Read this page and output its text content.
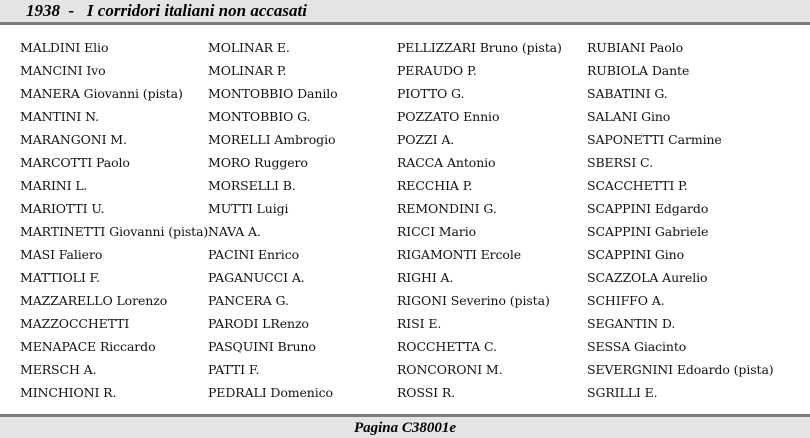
1938  -   I corridori italiani non accasati
MALDINI Elio
MANCINI Ivo
MANERA Giovanni (pista)
MANTINI N.
MARANGONI M.
MARCOTTI Paolo
MARINI L.
MARIOTTI U.
MARTINETTI Giovanni (pista)
MASI Faliero
MATTIOLI F.
MAZZARELLO Lorenzo
MAZZOCCHETTI
MENAPACE Riccardo
MERSCH A.
MINCHIONI R.
MOLINAR E.
MOLINAR P.
MONTOBBIO Danilo
MONTOBBIO G.
MORELLI Ambrogio
MORO Ruggero
MORSELLI B.
MUTTI Luigi
NAVA A.
PACINI Enrico
PAGANUCCI A.
PANCERA G.
PARODI LRenzo
PASQUINI Bruno
PATTI F.
PEDRALI Domenico
PELLIZZARI Bruno (pista)
PERAUDO P.
PIOTTO G.
POZZATO Ennio
POZZI A.
RACCA Antonio
RECCHIA P.
REMONDINI G.
RICCI Mario
RIGAMONTI Ercole
RIGHI A.
RIGONI Severino (pista)
RISI E.
ROCCHETTA C.
RONCORONI M.
ROSSI R.
RUBIANI Paolo
RUBIOLA Dante
SABATINI G.
SALANI Gino
SAPONETTI Carmine
SBERSI C.
SCACCHETTI P.
SCAPPINI Edgardo
SCAPPINI Gabriele
SCAPPINI Gino
SCAZZOLA Aurelio
SCHIFFO A.
SEGANTIN D.
SESSA Giacinto
SEVERGNINI Edoardo (pista)
SGRILLI E.
Pagina C38001e
